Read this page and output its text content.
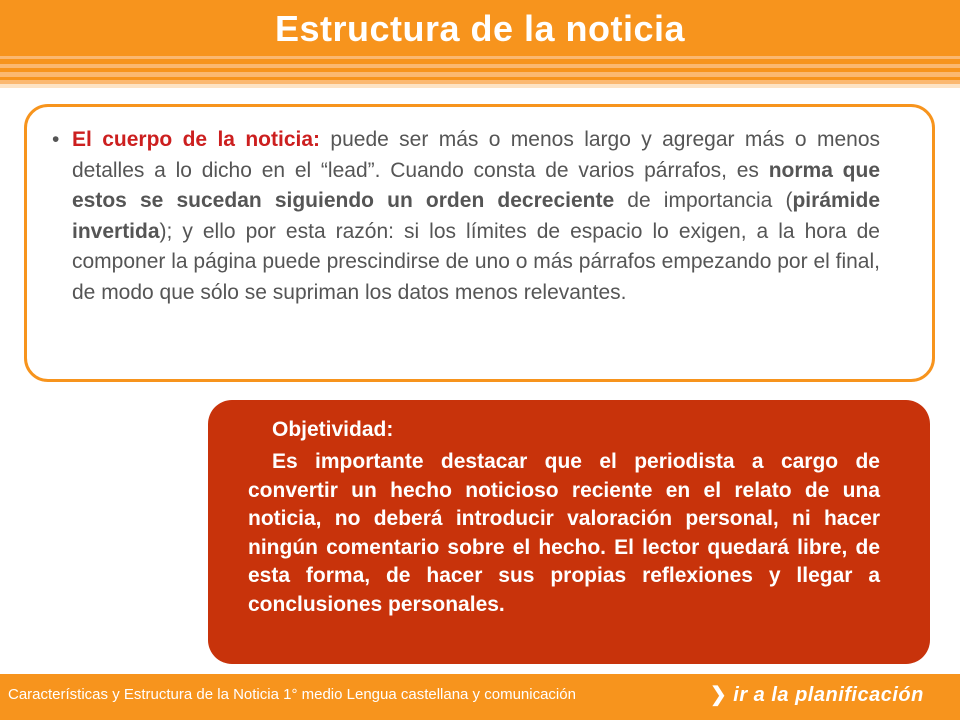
Estructura de la noticia
• El cuerpo de la noticia: puede ser más o menos largo y agregar más o menos detalles a lo dicho en el “lead”. Cuando consta de varios párrafos, es norma que estos se sucedan siguiendo un orden decreciente de importancia (pirámide invertida); y ello por esta razón: si los límites de espacio lo exigen, a la hora de componer la página puede prescindirse de uno o más párrafos empezando por el final, de modo que sólo se supriman los datos menos relevantes.
Objetividad:
Es importante destacar que el periodista a cargo de convertir un hecho noticioso reciente en el relato de una noticia, no deberá introducir valoración personal, ni hacer ningún comentario sobre el hecho. El lector quedará libre, de esta forma, de hacer sus propias reflexiones y llegar a conclusiones personales.
Características y Estructura de la Noticia 1° medio Lengua castellana y comunicación	❯ ir a la planificación
